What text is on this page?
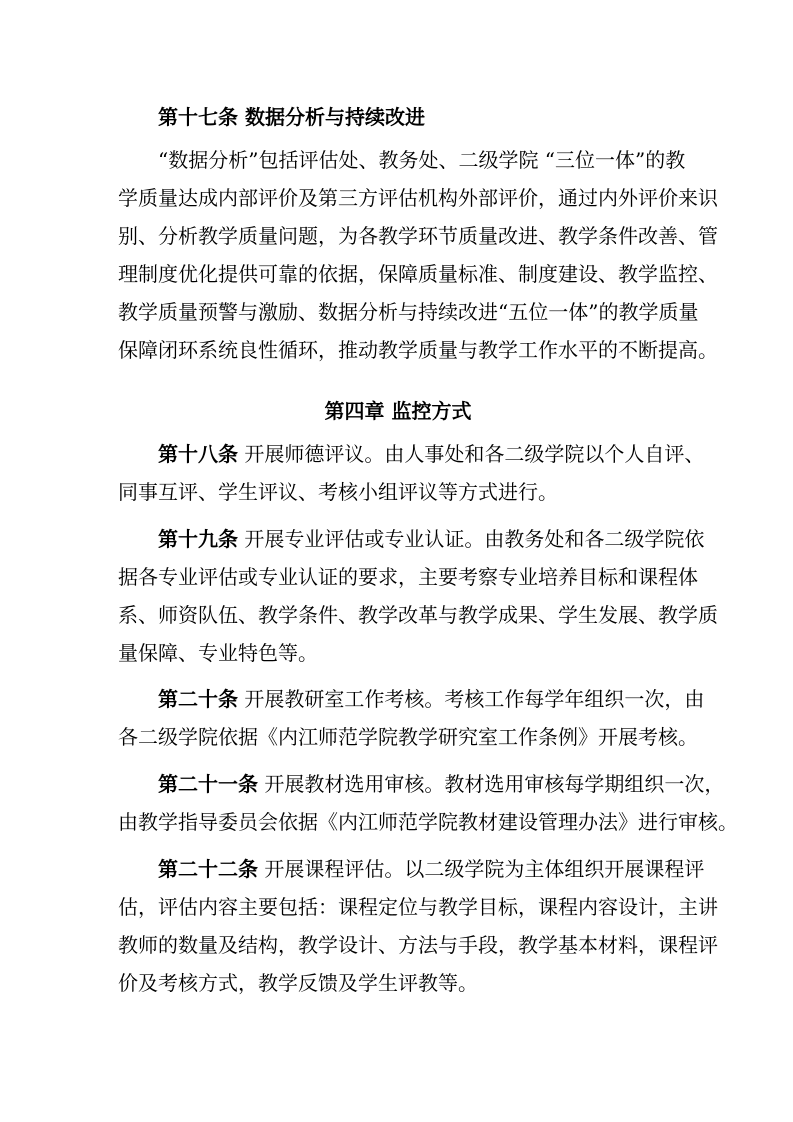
第十七条 数据分析与持续改进
“数据分析”包括评估处、教务处、二级学院 “三位一体”的教
学质量达成内部评价及第三方评估机构外部评价，通过内外评价来识
别、分析教学质量问题，为各教学环节质量改进、教学条件改善、管
理制度优化提供可靠的依据，保障质量标准、制度建设、教学监控、
教学质量预警与激励、数据分析与持续改进“五位一体”的教学质量
保障闭环系统良性循环，推动教学质量与教学工作水平的不断提高。
第四章 监控方式
第十八条 开展师德评议。由人事处和各二级学院以个人自评、
同事互评、学生评议、考核小组评议等方式进行。
第十九条 开展专业评估或专业认证。由教务处和各二级学院依
据各专业评估或专业认证的要求，主要考察专业培养目标和课程体
系、师资队伍、教学条件、教学改革与教学成果、学生发展、教学质
量保障、专业特色等。
第二十条 开展教研室工作考核。考核工作每学年组织一次，由
各二级学院依据《内江师范学院教学研究室工作条例》开展考核。
第二十一条 开展教材选用审核。教材选用审核每学期组织一次，
由教学指导委员会依据《内江师范学院教材建设管理办法》进行审核。
第二十二条 开展课程评估。以二级学院为主体组织开展课程评
估，评估内容主要包括：课程定位与教学目标，课程内容设计，主讲
教师的数量及结构，教学设计、方法与手段，教学基本材料，课程评
价及考核方式，教学反馈及学生评教等。
